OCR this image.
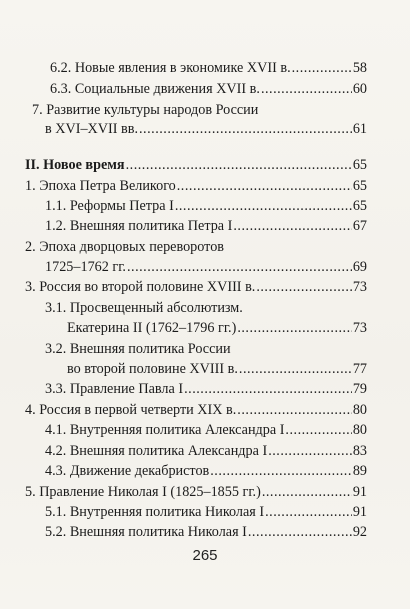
6.2. Новые явления в экономике XVII в. .....	58
6.3. Социальные движения XVII в. .....	60
7. Развитие культуры народов России
в XVI–XVII вв. .....	61
II. Новое время .....	65
1. Эпоха Петра Великого .....	65
1.1. Реформы Петра I .....	65
1.2. Внешняя политика Петра I .....	67
2. Эпоха дворцовых переворотов
1725–1762 гг. .....	69
3. Россия во второй половине XVIII в. .....	73
3.1. Просвещенный абсолютизм.
Екатерина II (1762–1796 гг.) .....	73
3.2. Внешняя политика России
во второй половине XVIII в. .....	77
3.3. Правление Павла I .....	79
4. Россия в первой четверти XIX в. .....	80
4.1. Внутренняя политика Александра I .....	80
4.2. Внешняя политика Александра I .....	83
4.3. Движение декабристов .....	89
5. Правление Николая I (1825–1855 гг.) .....	91
5.1. Внутренняя политика Николая I .....	91
5.2. Внешняя политика Николая I .....	92
265
